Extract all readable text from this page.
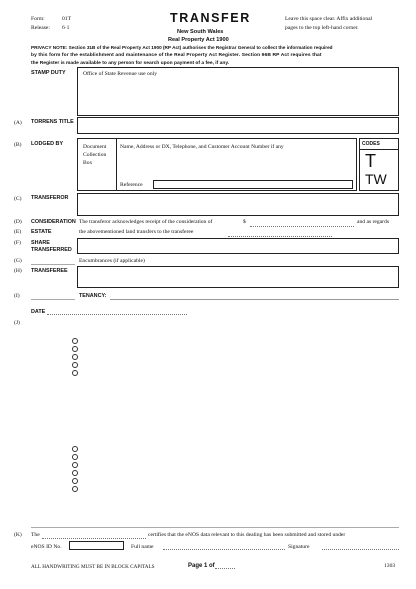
Form:	01T
Release: 6·1
TRANSFER
New South Wales
Real Property Act 1900
Leave this space clear. Affix additional
pages to the top left-hand corner.
PRIVACY NOTE: Section 31B of the Real Property Act 1900 (RP Act) authorises the Registrar General to collect the information required
by this form for the establishment and maintenance of the Real Property Act Register. Section 96B RP Act requires that
the Register is made available to any person for search upon payment of a fee, if any.
STAMP DUTY	Office of State Revenue use only
(A) TORRENS TITLE
(B) LODGED BY	Document
Collection
Box
Name, Address or DX, Telephone, and Customer Account Number if any
Reference
CODES
T
TW
(C) TRANSFEROR
(D) CONSIDERATION The transferor acknowledges receipt of the consideration of	$	and as regards
(E) ESTATE	the abovementioned land transfers to the transferee
(F) SHARE
TRANSFERRED
(G)	Encumbrances (if applicable)
(H) TRANSFEREE
(I)	TENANCY:
DATE
(J)
(K) The	certifies that the eNOS data relevant to this dealing has been submitted and stored under
eNOS ID No.	Full name	Signature
ALL HANDWRITING MUST BE IN BLOCK CAPITALS	Page 1 of	1303
